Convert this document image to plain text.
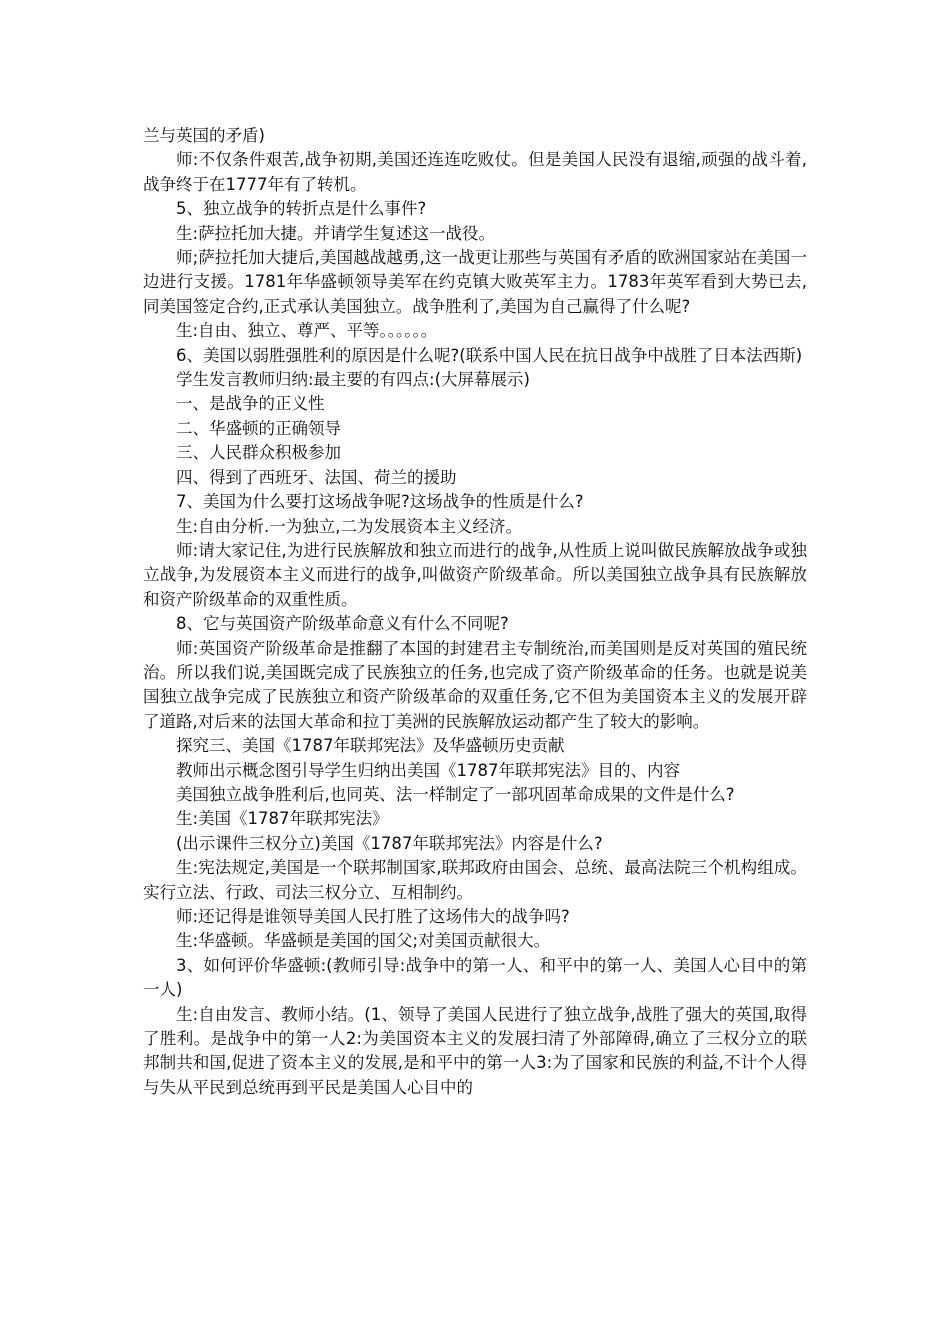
兰与英国的矛盾)

师:不仅条件艰苦,战争初期,美国还连连吃败仗。但是美国人民没有退缩,顽强的战斗着,战争终于在1777年有了转机。

5、独立战争的转折点是什么事件?

生:萨拉托加大捷。并请学生复述这一战役。

师;萨拉托加大捷后,美国越战越勇,这一战更让那些与英国有矛盾的欧洲国家站在美国一边进行支援。1781年华盛顿领导美军在约克镇大败英军主力。1783年英军看到大势已去,同美国签定合约,正式承认美国独立。战争胜利了,美国为自己赢得了什么呢?

生:自由、独立、尊严、平等。。。。。。

6、美国以弱胜强胜利的原因是什么呢?(联系中国人民在抗日战争中战胜了日本法西斯)

学生发言教师归纳:最主要的有四点:(大屏幕展示)

一、是战争的正义性

二、华盛顿的正确领导

三、人民群众积极参加

四、得到了西班牙、法国、荷兰的援助

7、美国为什么要打这场战争呢?这场战争的性质是什么?

生:自由分析.一为独立,二为发展资本主义经济。

师:请大家记住,为进行民族解放和独立而进行的战争,从性质上说叫做民族解放战争或独立战争,为发展资本主义而进行的战争,叫做资产阶级革命。所以美国独立战争具有民族解放和资产阶级革命的双重性质。

8、它与英国资产阶级革命意义有什么不同呢?

师:英国资产阶级革命是推翻了本国的封建君主专制统治,而美国则是反对英国的殖民统治。所以我们说,美国既完成了民族独立的任务,也完成了资产阶级革命的任务。也就是说美国独立战争完成了民族独立和资产阶级革命的双重任务,它不但为美国资本主义的发展开辟了道路,对后来的法国大革命和拉丁美洲的民族解放运动都产生了较大的影响。

探究三、美国《1787年联邦宪法》及华盛顿历史贡献

教师出示概念图引导学生归纳出美国《1787年联邦宪法》目的、内容

美国独立战争胜利后,也同英、法一样制定了一部巩固革命成果的文件是什么?

生:美国《1787年联邦宪法》

(出示课件三权分立)美国《1787年联邦宪法》内容是什么?

生:宪法规定,美国是一个联邦制国家,联邦政府由国会、总统、最高法院三个机构组成。实行立法、行政、司法三权分立、互相制约。

师:还记得是谁领导美国人民打胜了这场伟大的战争吗?

生:华盛顿。华盛顿是美国的国父;对美国贡献很大。

3、如何评价华盛顿:(教师引导:战争中的第一人、和平中的第一人、美国人心目中的第一人)

生:自由发言、教师小结。(1、领导了美国人民进行了独立战争,战胜了强大的英国,取得了胜利。是战争中的第一人2:为美国资本主义的发展扫清了外部障碍,确立了三权分立的联邦制共和国,促进了资本主义的发展,是和平中的第一人3:为了国家和民族的利益,不计个人得与失从平民到总统再到平民是美国人心目中的
